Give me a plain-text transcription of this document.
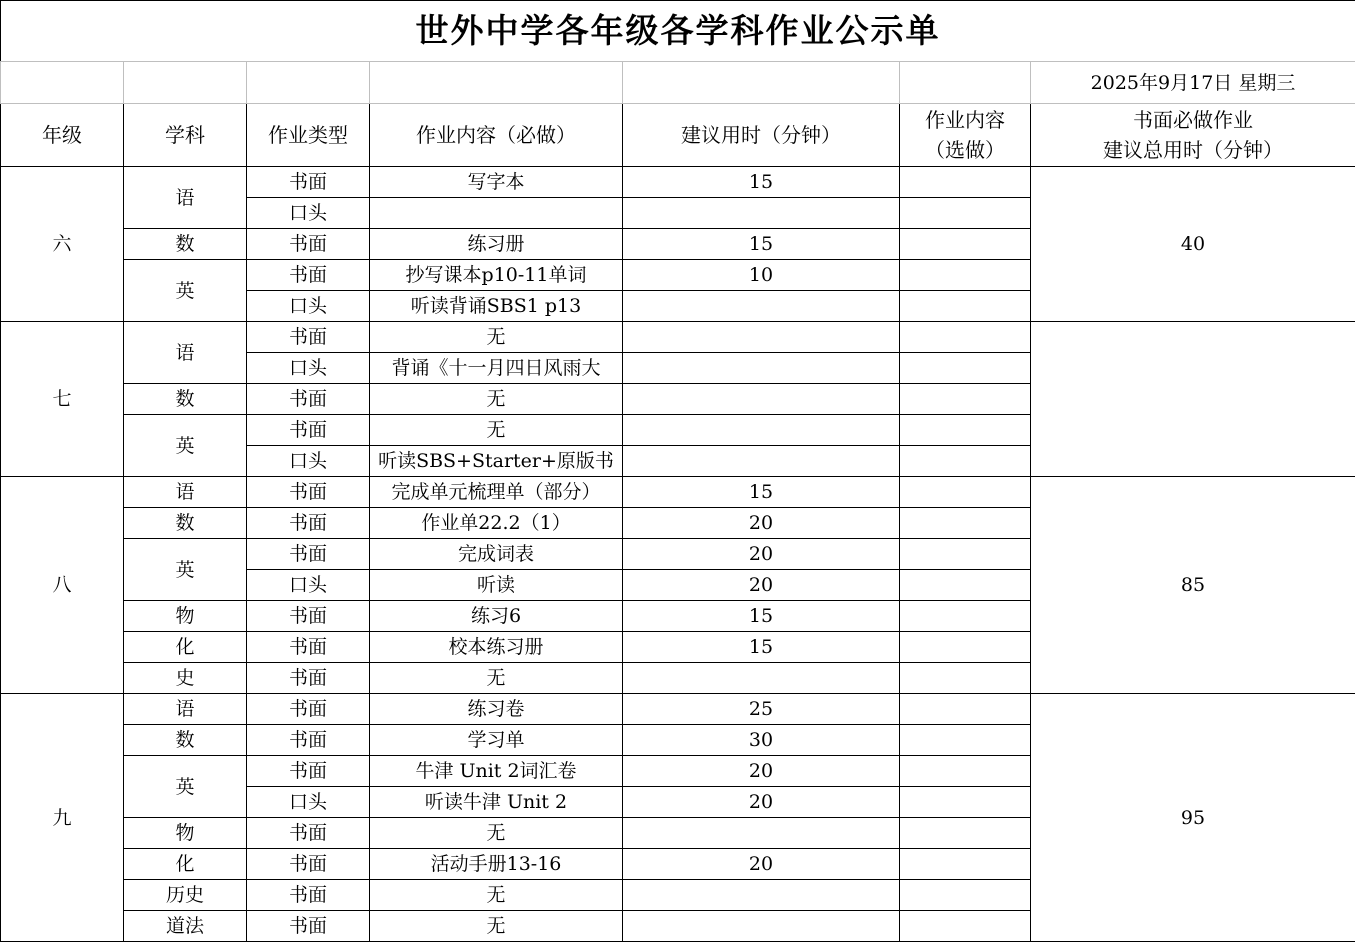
世外中学各年级各学科作业公示单						
						2025年9月17日 星期三
年级	学科	作业类型	作业内容（必做）	建议用时（分钟）	作业内容
（选做）	书面必做作业
建议总用时（分钟）

六	语	书面	写字本	15		40
		口头				
	数	书面	练习册	15		
	英	书面	抄写课本p10-11单词	10		
		口头	听读背诵SBS1 p13			
七	语	书面	无			
		口头	背诵《十一月四日风雨大			
	数	书面	无			
	英	书面	无			
		口头	听读SBS+Starter+原版书			
八	语	书面	完成单元梳理单（部分）	15		85
	数	书面	作业单22.2（1）	20		
	英	书面	完成词表	20		
		口头	听读	20		
	物	书面	练习6	15		
	化	书面	校本练习册	15		
	史	书面	无			
九	语	书面	练习卷	25		95
	数	书面	学习单	30		
	英	书面	牛津 Unit 2词汇卷	20		
		口头	听读牛津 Unit 2	20		
	物	书面	无			
	化	书面	活动手册13-16	20		
	历史	书面	无			
	道法	书面	无			
